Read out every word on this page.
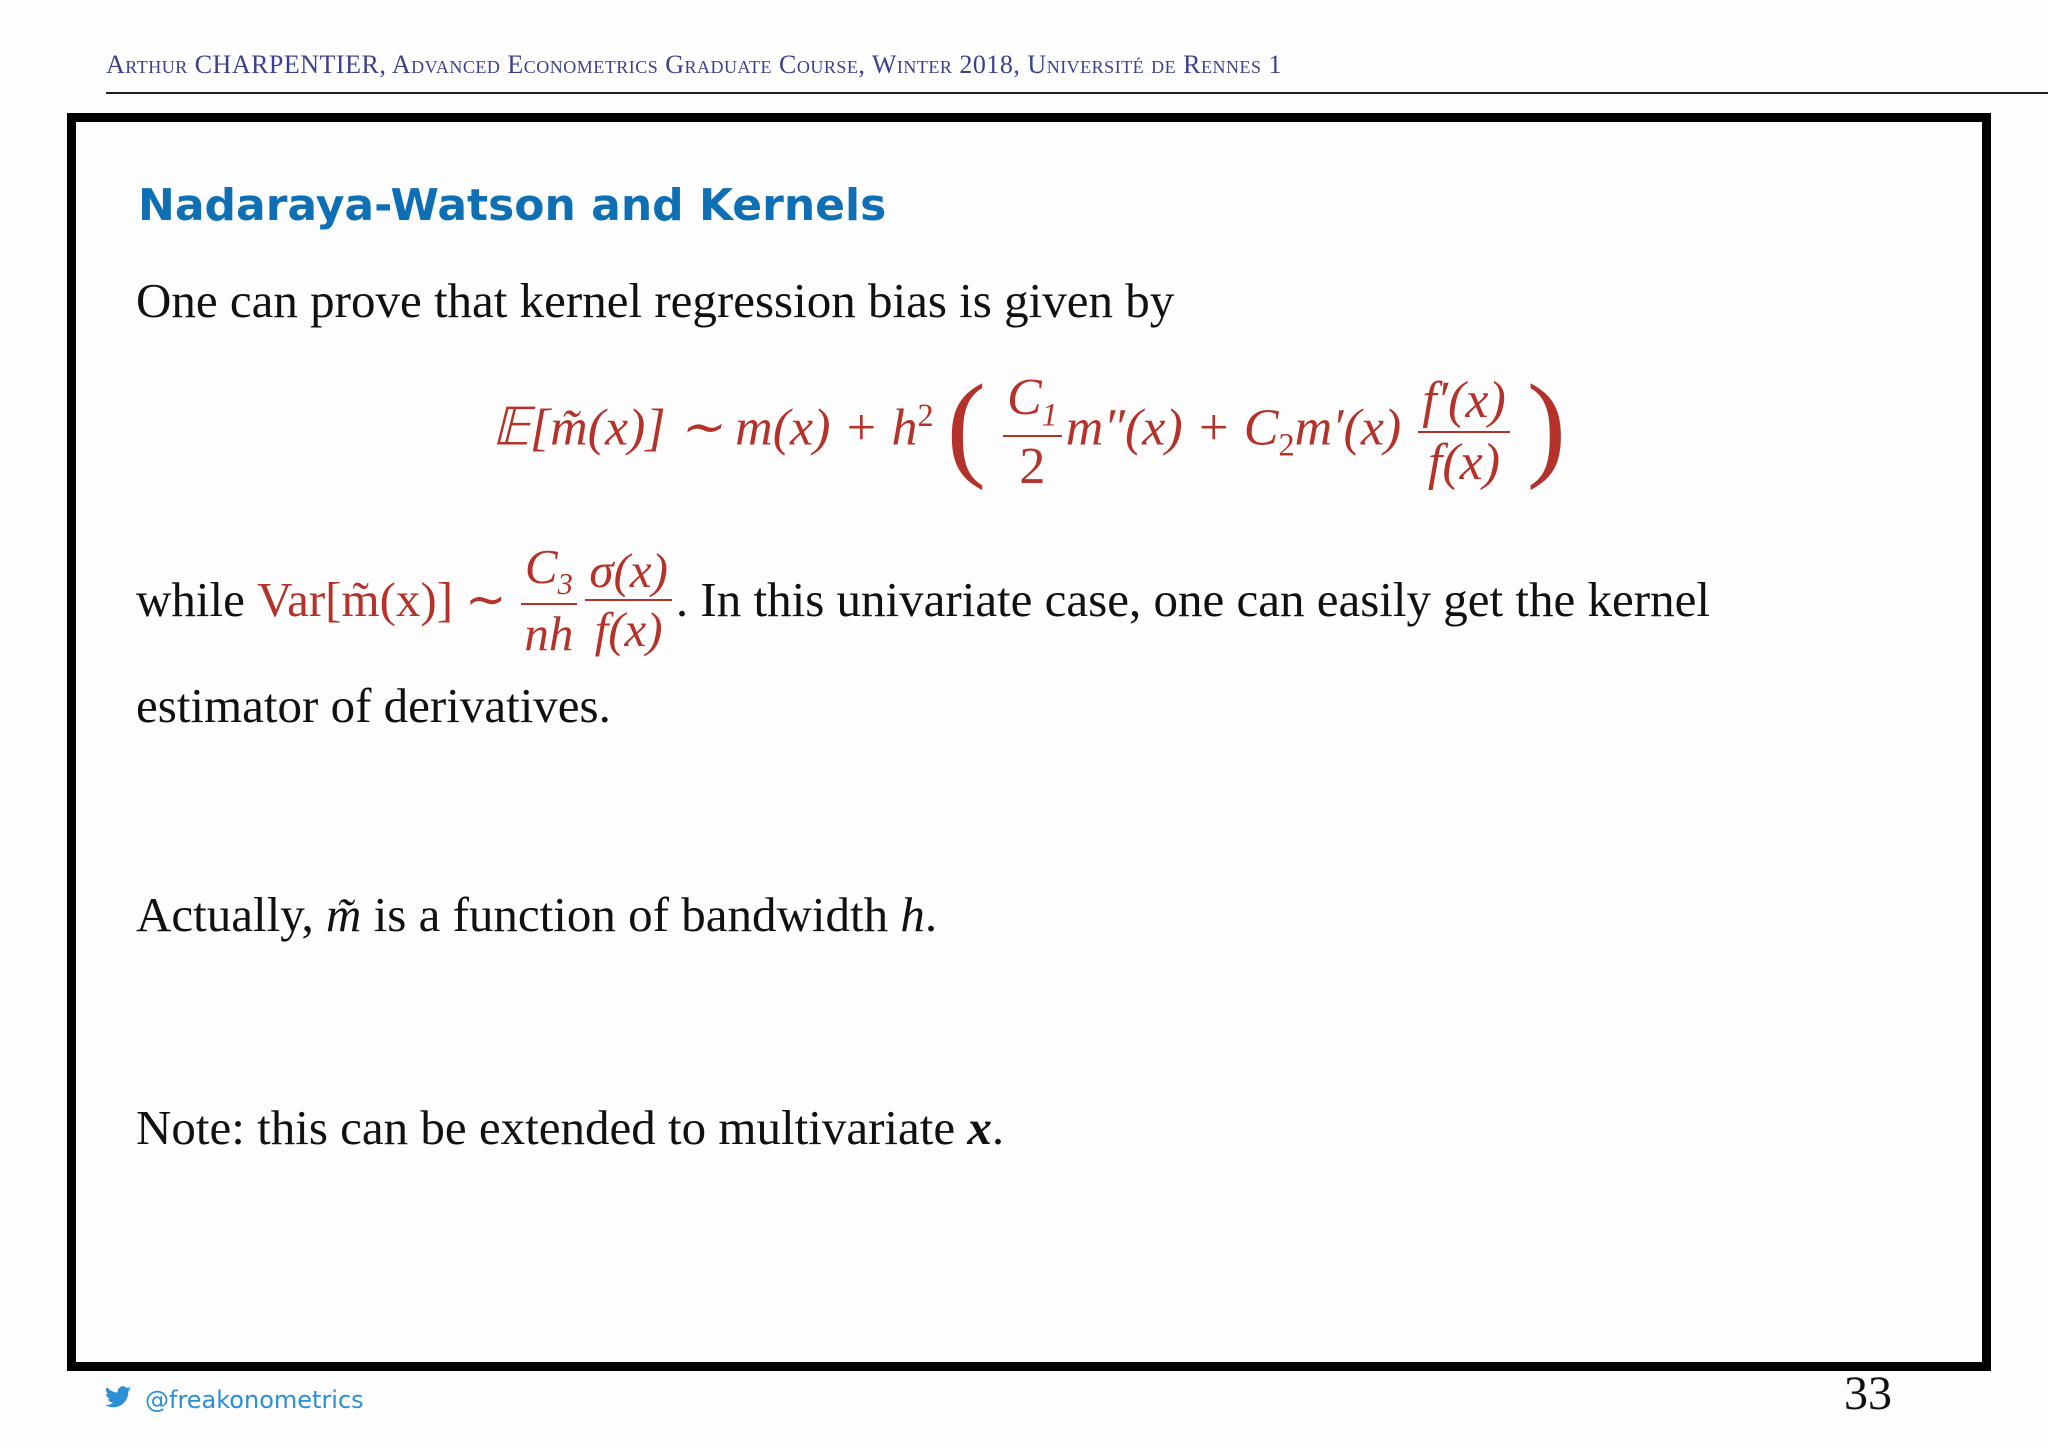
Arthur CHARPENTIER, Advanced Econometrics Graduate Course, Winter 2018, Université de Rennes 1
Nadaraya-Watson and Kernels
One can prove that kernel regression bias is given by
𝔼[m̃(x)] ∼ $m(x) + h^2$ ( $\frac{C_1}{2} m''(x) + C_2m'(x) \frac{f'(x)}{f(x)}$ )
while Var[m̃(x)] ∼ $\frac{C_3}{nh} \frac{\sigma(x)}{f(x)}$ . In this univariate case, one can easily get the kernel
estimator of derivatives.
Actually, m̃ is a function of bandwidth h.
Note: this can be extended to multivariate x.
@freakonometrics	33
